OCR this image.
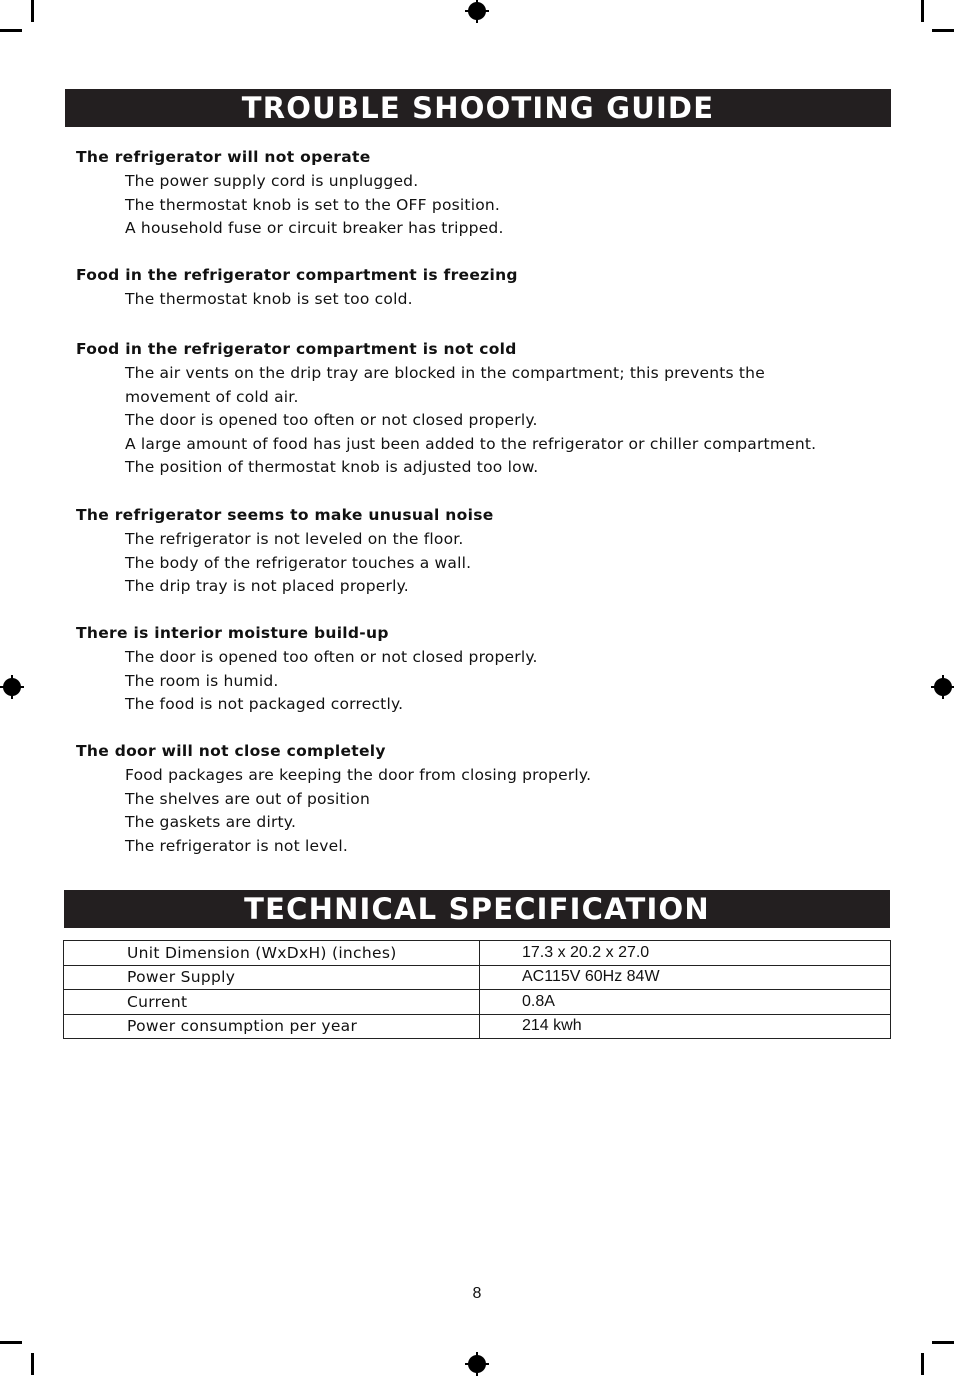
TROUBLE SHOOTING GUIDE
The refrigerator will not operate
The power supply cord is unplugged.
The thermostat knob is set to the OFF position.
A household fuse or circuit breaker has tripped.
Food in the refrigerator compartment is freezing
The thermostat knob is set too cold.
Food in the refrigerator compartment is not cold
The air vents on the drip tray are blocked in the compartment; this prevents the
movement of cold air.
The door is opened too often or not closed properly.
A large amount of food has just been added to the refrigerator or chiller compartment.
The position of thermostat knob is adjusted too low.
The refrigerator seems to make unusual noise
The refrigerator is not leveled on the floor.
The body of the refrigerator touches a wall.
The drip tray is not placed properly.
There is interior moisture build-up
The door is opened too often or not closed properly.
The room is humid.
The food is not packaged correctly.
The door will not close completely
Food packages are keeping the door from closing properly.
The shelves are out of position
The gaskets are dirty.
The refrigerator is not level.
TECHNICAL SPECIFICATION
Unit Dimension (WxDxH) (inches)	17.3 x 20.2 x 27.0
Power Supply	AC115V 60Hz 84W
Current	0.8A
Power consumption per year	214 kwh
8
